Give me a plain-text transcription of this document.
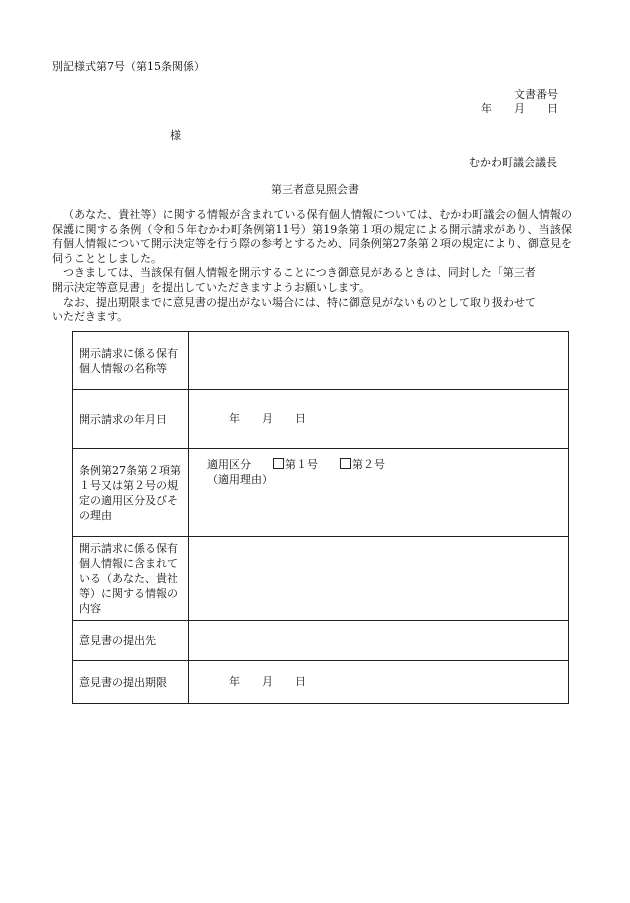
別記様式第7号（第15条関係）
文書番号
年 月 日
様
むかわ町議会議長
第三者意見照会書

（あなた、貴社等）に関する情報が含まれている保有個人情報については、むかわ町議会の個人情報の保護に関する条例（令和５年むかわ町条例第11号）第19条第１項の規定による開示請求があり、当該保有個人情報について開示決定等を行う際の参考とするため、同条例第27条第２項の規定により、御意見を伺うこととしました。

つきましては、当該保有個人情報を開示することにつき御意見があるときは、同封した「第三者

開示決定等意見書」を提出していただきますようお願いします。

なお、提出期限までに意見書の提出がない場合には、特に御意見がないものとして取り扱わせて

いただきます。

開示請求に係る保有個人情報の名称等	
開示請求の年月日	年 月 日
条例第27条第２項第１号又は第２号の規定の適用区分及びその理由	適用区分 第１号 第２号
（適用理由）

開示請求に係る保有個人情報に含まれている（あなた、貴社等）に関する情報の内容	
意見書の提出先	
意見書の提出期限	年 月 日
